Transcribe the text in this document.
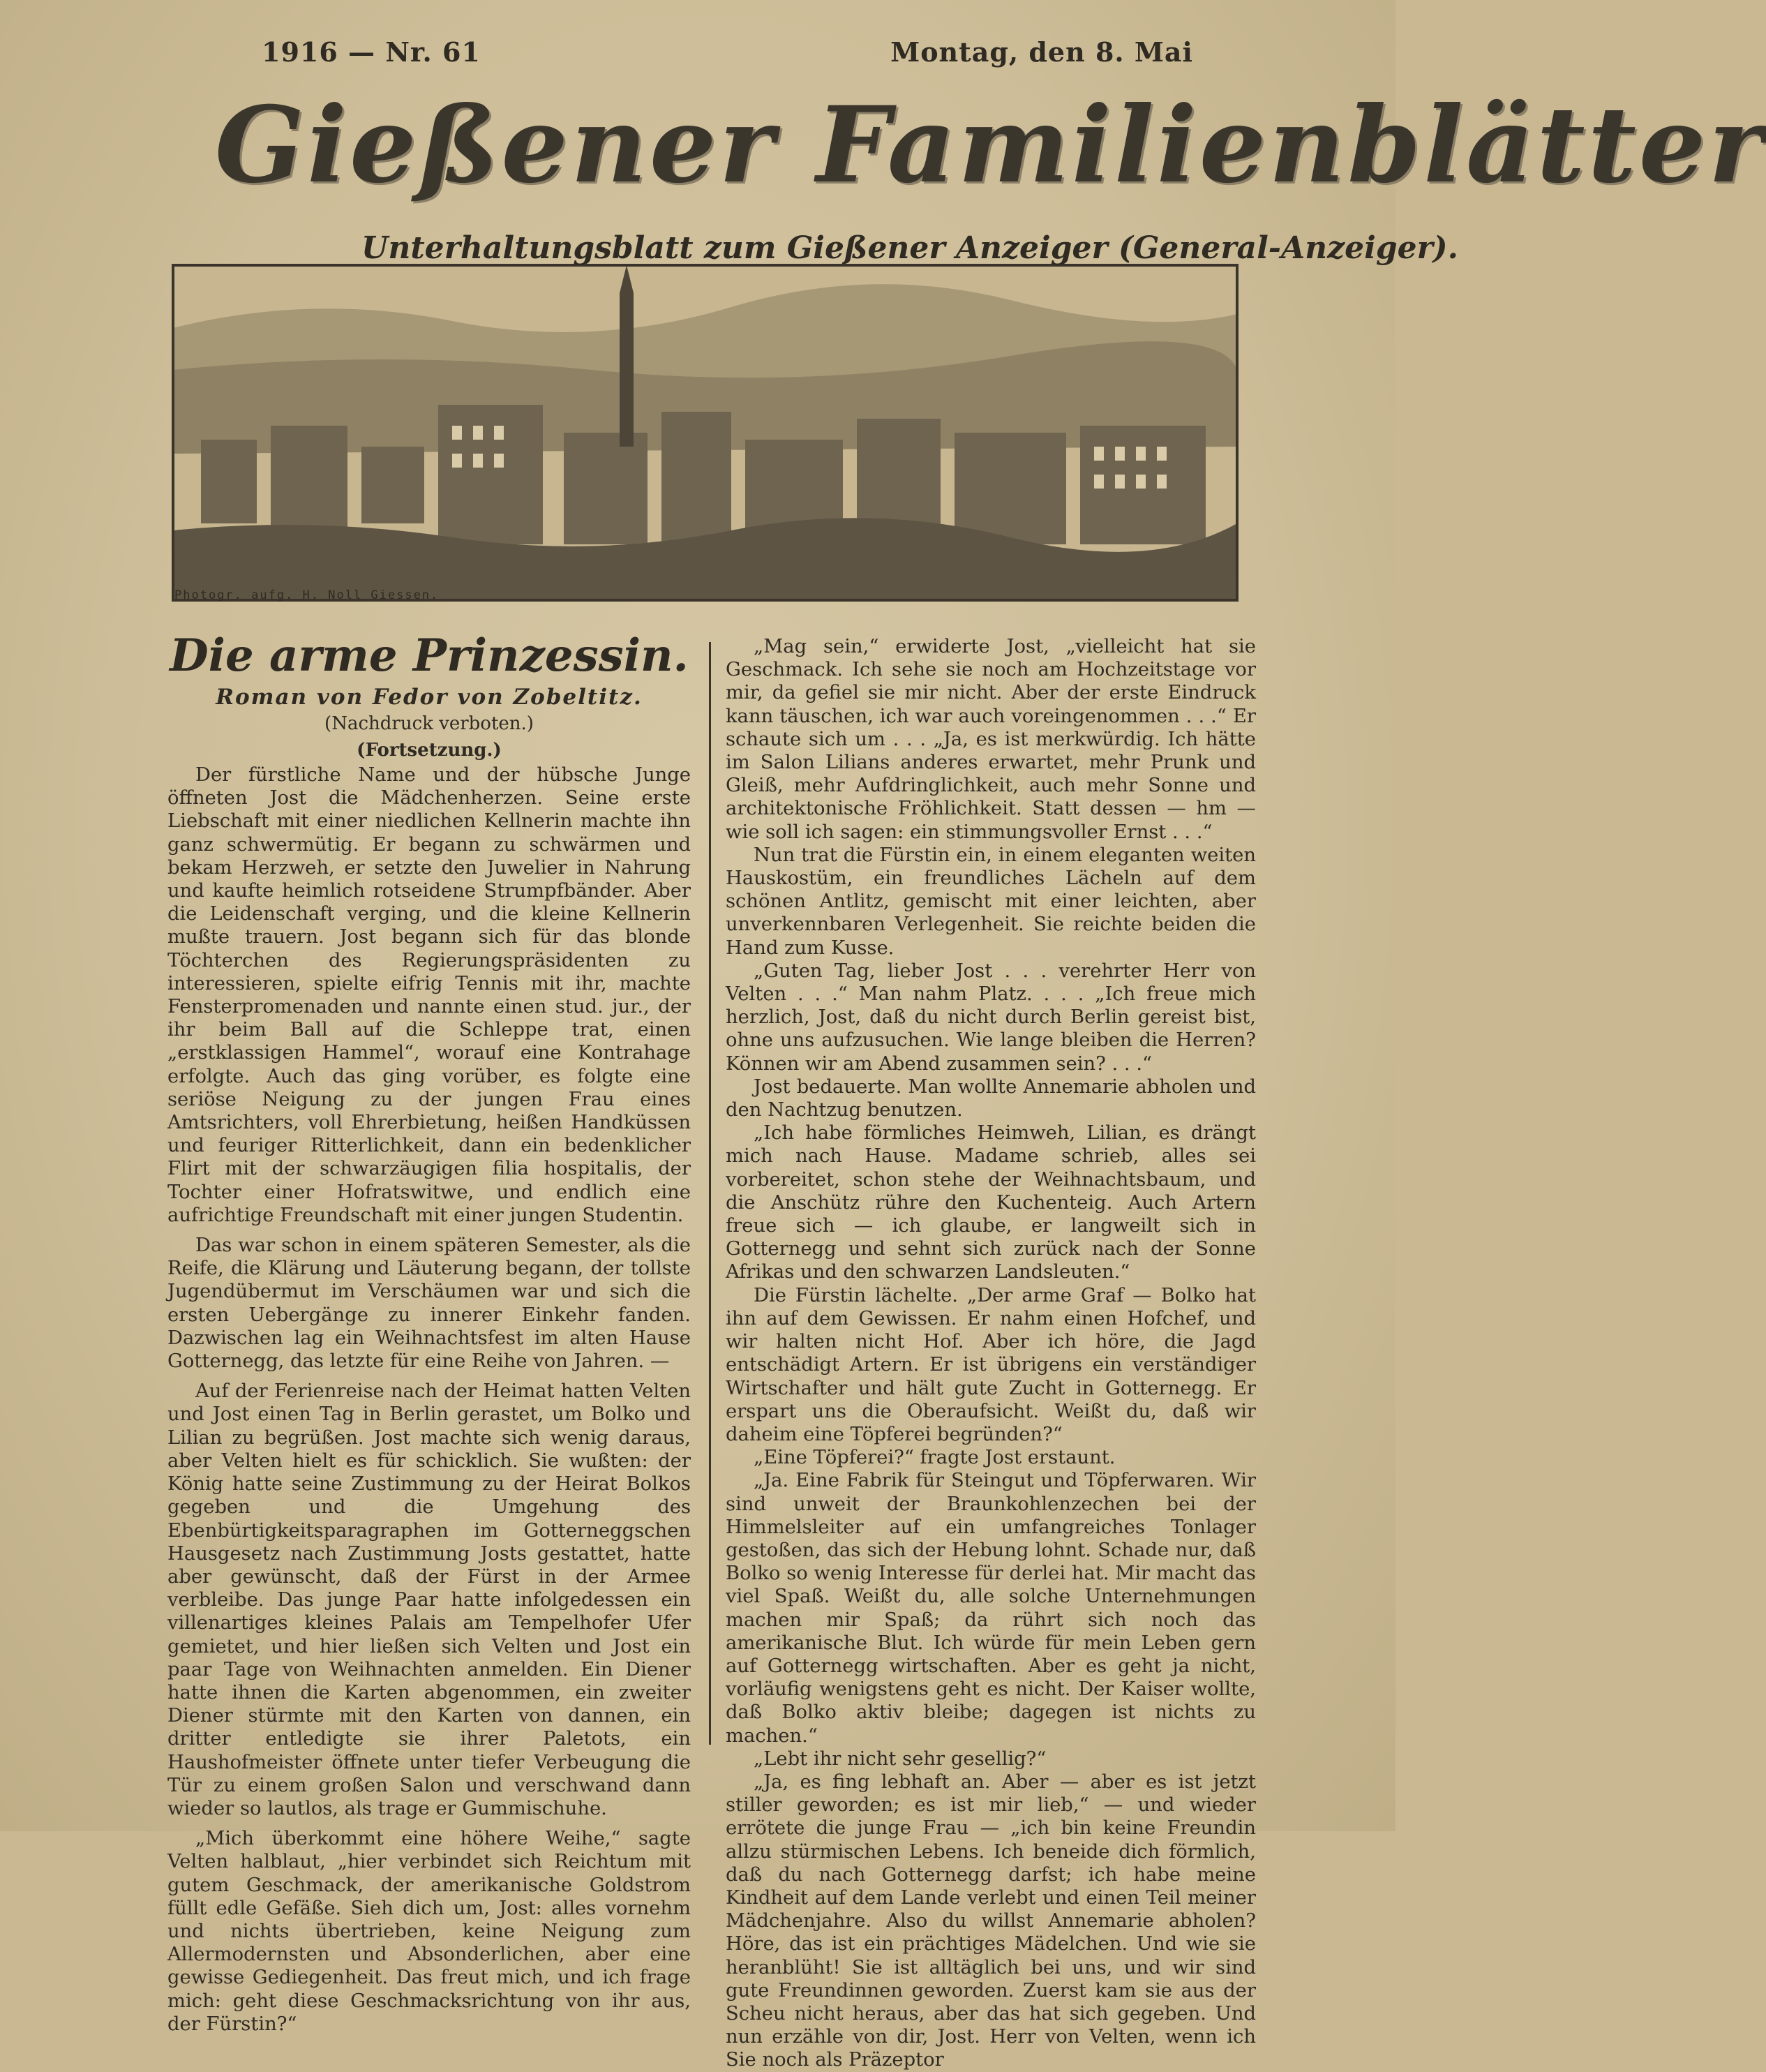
1916 — Nr. 61	Montag, den 8. Mai
Gießener Familienblätter
Unterhaltungsblatt zum Gießener Anzeiger (General-Anzeiger).
Photogr. aufg. H. Noll Giessen.

Die arme Prinzessin.

Roman von Fedor von Zobeltitz.

(Nachdruck verboten.)

(Fortsetzung.)

Der fürstliche Name und der hübsche Junge öffneten Jost die Mädchenherzen. Seine erste Liebschaft mit einer niedlichen Kellnerin machte ihn ganz schwermütig. Er begann zu schwärmen und bekam Herzweh, er setzte den Juwelier in Nahrung und kaufte heimlich rotseidene Strumpfbänder. Aber die Leidenschaft verging, und die kleine Kellnerin mußte trauern. Jost begann sich für das blonde Töchterchen des Regierungspräsidenten zu interessieren, spielte eifrig Tennis mit ihr, machte Fensterpromenaden und nannte einen stud. jur., der ihr beim Ball auf die Schleppe trat, einen „erstklassigen Hammel“, worauf eine Kontrahage erfolgte. Auch das ging vorüber, es folgte eine seriöse Neigung zu der jungen Frau eines Amtsrichters, voll Ehrerbietung, heißen Handküssen und feuriger Ritterlichkeit, dann ein bedenklicher Flirt mit der schwarzäugigen filia hospitalis, der Tochter einer Hofratswitwe, und endlich eine aufrichtige Freundschaft mit einer jungen Studentin.

Das war schon in einem späteren Semester, als die Reife, die Klärung und Läuterung begann, der tollste Jugendübermut im Verschäumen war und sich die ersten Uebergänge zu innerer Einkehr fanden. Dazwischen lag ein Weihnachtsfest im alten Hause Gotternegg, das letzte für eine Reihe von Jahren. —

Auf der Ferienreise nach der Heimat hatten Velten und Jost einen Tag in Berlin gerastet, um Bolko und Lilian zu begrüßen. Jost machte sich wenig daraus, aber Velten hielt es für schicklich. Sie wußten: der König hatte seine Zustimmung zu der Heirat Bolkos gegeben und die Umgehung des Ebenbürtigkeitsparagraphen im Gotterneggschen Hausgesetz nach Zustimmung Josts gestattet, hatte aber gewünscht, daß der Fürst in der Armee verbleibe. Das junge Paar hatte infolgedessen ein villenartiges kleines Palais am Tempelhofer Ufer gemietet, und hier ließen sich Velten und Jost ein paar Tage von Weihnachten anmelden. Ein Diener hatte ihnen die Karten abgenommen, ein zweiter Diener stürmte mit den Karten von dannen, ein dritter entledigte sie ihrer Paletots, ein Haushofmeister öffnete unter tiefer Verbeugung die Tür zu einem großen Salon und verschwand dann wieder so lautlos, als trage er Gummischuhe.

„Mich überkommt eine höhere Weihe,“ sagte Velten halblaut, „hier verbindet sich Reichtum mit gutem Geschmack, der amerikanische Goldstrom füllt edle Gefäße. Sieh dich um, Jost: alles vornehm und nichts übertrieben, keine Neigung zum Allermodernsten und Absonderlichen, aber eine gewisse Gediegenheit. Das freut mich, und ich frage mich: geht diese Geschmacksrichtung von ihr aus, der Fürstin?“

„Mag sein,“ erwiderte Jost, „vielleicht hat sie Geschmack. Ich sehe sie noch am Hochzeitstage vor mir, da gefiel sie mir nicht. Aber der erste Eindruck kann täuschen, ich war auch voreingenommen . . .“ Er schaute sich um . . . „Ja, es ist merkwürdig. Ich hätte im Salon Lilians anderes erwartet, mehr Prunk und Gleiß, mehr Aufdringlichkeit, auch mehr Sonne und architektonische Fröhlichkeit. Statt dessen — hm — wie soll ich sagen: ein stimmungsvoller Ernst . . .“

Nun trat die Fürstin ein, in einem eleganten weiten Hauskostüm, ein freundliches Lächeln auf dem schönen Antlitz, gemischt mit einer leichten, aber unverkennbaren Verlegenheit. Sie reichte beiden die Hand zum Kusse.

„Guten Tag, lieber Jost . . . verehrter Herr von Velten . . .“ Man nahm Platz. . . . „Ich freue mich herzlich, Jost, daß du nicht durch Berlin gereist bist, ohne uns aufzusuchen. Wie lange bleiben die Herren? Können wir am Abend zusammen sein? . . .“

Jost bedauerte. Man wollte Annemarie abholen und den Nachtzug benutzen.

„Ich habe förmliches Heimweh, Lilian, es drängt mich nach Hause. Madame schrieb, alles sei vorbereitet, schon stehe der Weihnachtsbaum, und die Anschütz rühre den Kuchenteig. Auch Artern freue sich — ich glaube, er langweilt sich in Gotternegg und sehnt sich zurück nach der Sonne Afrikas und den schwarzen Landsleuten.“

Die Fürstin lächelte. „Der arme Graf — Bolko hat ihn auf dem Gewissen. Er nahm einen Hofchef, und wir halten nicht Hof. Aber ich höre, die Jagd entschädigt Artern. Er ist übrigens ein verständiger Wirtschafter und hält gute Zucht in Gotternegg. Er erspart uns die Oberaufsicht. Weißt du, daß wir daheim eine Töpferei begründen?“

„Eine Töpferei?“ fragte Jost erstaunt.

„Ja. Eine Fabrik für Steingut und Töpferwaren. Wir sind unweit der Braunkohlenzechen bei der Himmelsleiter auf ein umfangreiches Tonlager gestoßen, das sich der Hebung lohnt. Schade nur, daß Bolko so wenig Interesse für derlei hat. Mir macht das viel Spaß. Weißt du, alle solche Unternehmungen machen mir Spaß; da rührt sich noch das amerikanische Blut. Ich würde für mein Leben gern auf Gotternegg wirtschaften. Aber es geht ja nicht, vorläufig wenigstens geht es nicht. Der Kaiser wollte, daß Bolko aktiv bleibe; dagegen ist nichts zu machen.“

„Lebt ihr nicht sehr gesellig?“

„Ja, es fing lebhaft an. Aber — aber es ist jetzt stiller geworden; es ist mir lieb,“ — und wieder errötete die junge Frau — „ich bin keine Freundin allzu stürmischen Lebens. Ich beneide dich förmlich, daß du nach Gotternegg darfst; ich habe meine Kindheit auf dem Lande verlebt und einen Teil meiner Mädchenjahre. Also du willst Annemarie abholen? Höre, das ist ein prächtiges Mädelchen. Und wie sie heranblüht! Sie ist alltäglich bei uns, und wir sind gute Freundinnen geworden. Zuerst kam sie aus der Scheu nicht heraus, aber das hat sich gegeben. Und nun erzähle von dir, Jost. Herr von Velten, wenn ich Sie noch als Präzeptor
